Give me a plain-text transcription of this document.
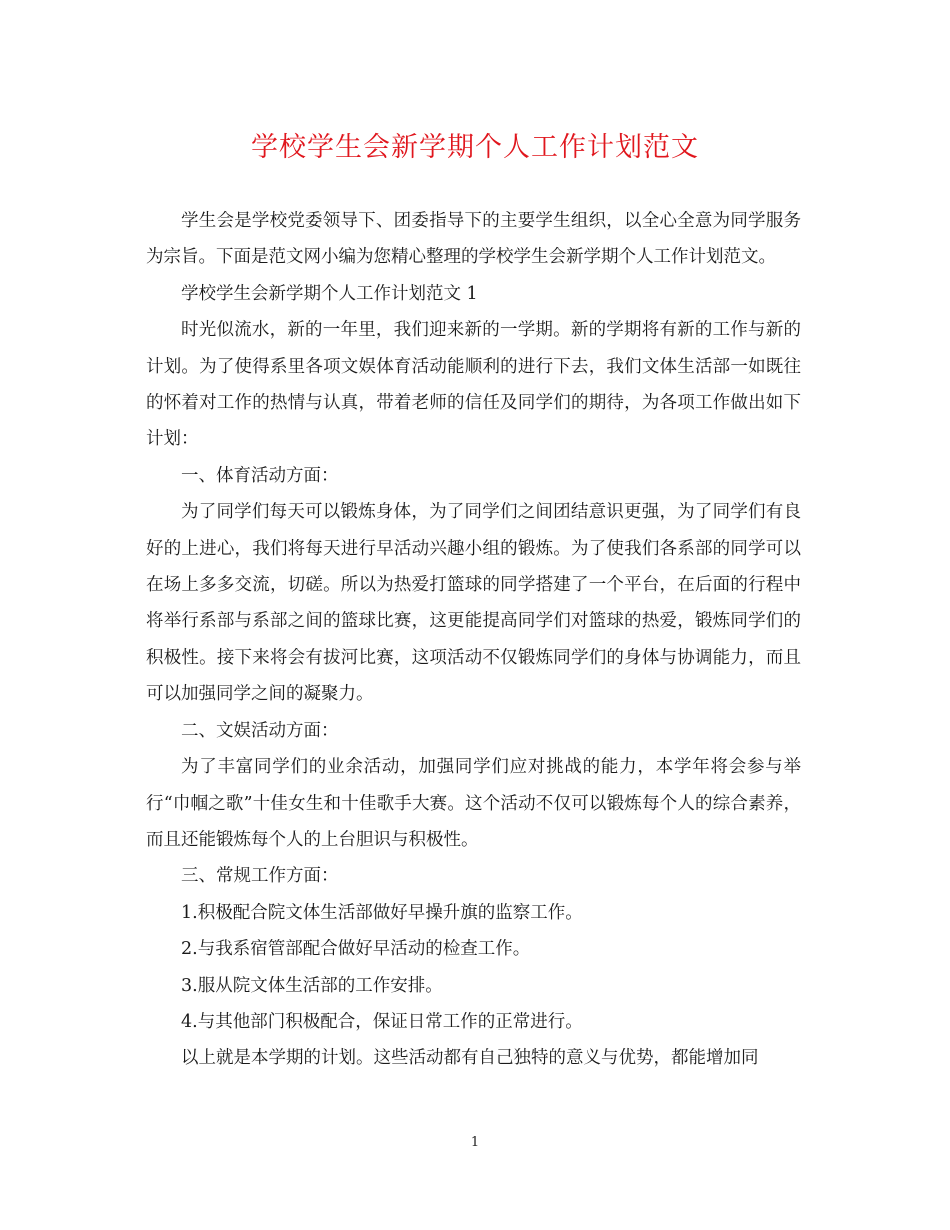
学校学生会新学期个人工作计划范文

学生会是学校党委领导下、团委指导下的主要学生组织，以全心全意为同学服务为宗旨。下面是范文网小编为您精心整理的学校学生会新学期个人工作计划范文。

学校学生会新学期个人工作计划范文 1

时光似流水，新的一年里，我们迎来新的一学期。新的学期将有新的工作与新的计划。为了使得系里各项文娱体育活动能顺利的进行下去，我们文体生活部一如既往的怀着对工作的热情与认真，带着老师的信任及同学们的期待，为各项工作做出如下计划：

一、体育活动方面：

为了同学们每天可以锻炼身体，为了同学们之间团结意识更强，为了同学们有良好的上进心，我们将每天进行早活动兴趣小组的锻炼。为了使我们各系部的同学可以在场上多多交流，切磋。所以为热爱打篮球的同学搭建了一个平台，在后面的行程中将举行系部与系部之间的篮球比赛，这更能提高同学们对篮球的热爱，锻炼同学们的积极性。接下来将会有拔河比赛，这项活动不仅锻炼同学们的身体与协调能力，而且可以加强同学之间的凝聚力。

二、文娱活动方面：

为了丰富同学们的业余活动，加强同学们应对挑战的能力，本学年将会参与举行“巾帼之歌”十佳女生和十佳歌手大赛。这个活动不仅可以锻炼每个人的综合素养，而且还能锻炼每个人的上台胆识与积极性。

三、常规工作方面：

1.积极配合院文体生活部做好早操升旗的监察工作。

2.与我系宿管部配合做好早活动的检查工作。

3.服从院文体生活部的工作安排。

4.与其他部门积极配合，保证日常工作的正常进行。

以上就是本学期的计划。这些活动都有自己独特的意义与优势，都能增加同

1
